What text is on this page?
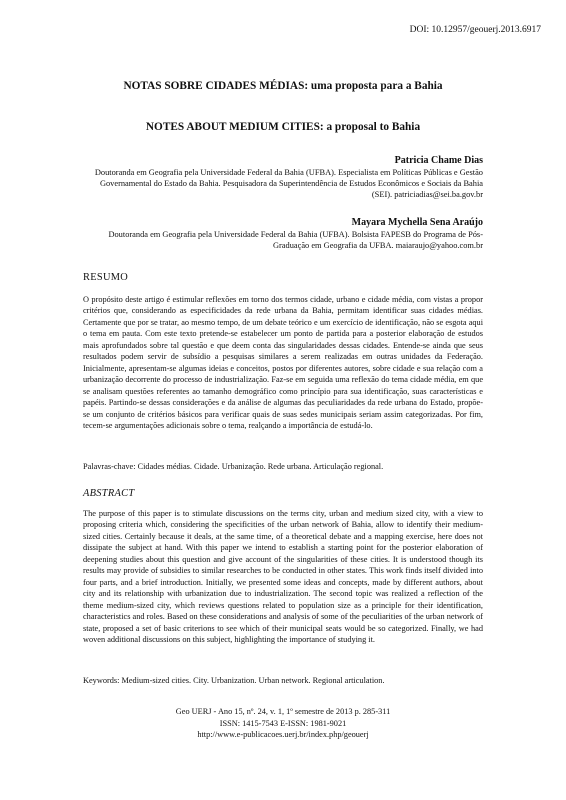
DOI: 10.12957/geouerj.2013.6917
NOTAS SOBRE CIDADES MÉDIAS: uma proposta para a Bahia
NOTES ABOUT MEDIUM CITIES: a proposal to Bahia
Patricia Chame Dias
Doutoranda em Geografia pela Universidade Federal da Bahia (UFBA). Especialista em Políticas Públicas e Gestão Governamental do Estado da Bahia. Pesquisadora da Superintendência de Estudos Econômicos e Sociais da Bahia (SEI). patriciadias@sei.ba.gov.br
Mayara Mychella Sena Araújo
Doutoranda em Geografia pela Universidade Federal da Bahia (UFBA). Bolsista FAPESB do Programa de Pós-Graduação em Geografia da UFBA. maiaraujo@yahoo.com.br
RESUMO

O propósito deste artigo é estimular reflexões em torno dos termos cidade, urbano e cidade média, com vistas a propor critérios que, considerando as especificidades da rede urbana da Bahia, permitam identificar suas cidades médias. Certamente que por se tratar, ao mesmo tempo, de um debate teórico e um exercício de identificação, não se esgota aqui o tema em pauta. Com este texto pretende-se estabelecer um ponto de partida para a posterior elaboração de estudos mais aprofundados sobre tal questão e que deem conta das singularidades dessas cidades. Entende-se ainda que seus resultados podem servir de subsídio a pesquisas similares a serem realizadas em outras unidades da Federação. Inicialmente, apresentam-se algumas ideias e conceitos, postos por diferentes autores, sobre cidade e sua relação com a urbanização decorrente do processo de industrialização. Faz-se em seguida uma reflexão do tema cidade média, em que se analisam questões referentes ao tamanho demográfico como princípio para sua identificação, suas características e papéis. Partindo-se dessas considerações e da análise de algumas das peculiaridades da rede urbana do Estado, propõe-se um conjunto de critérios básicos para verificar quais de suas sedes municipais seriam assim categorizadas. Por fim, tecem-se argumentações adicionais sobre o tema, realçando a importância de estudá-lo.

Palavras-chave: Cidades médias. Cidade. Urbanização. Rede urbana. Articulação regional.
ABSTRACT

The purpose of this paper is to stimulate discussions on the terms city, urban and medium sized city, with a view to proposing criteria which, considering the specificities of the urban network of Bahia, allow to identify their medium-sized cities. Certainly because it deals, at the same time, of a theoretical debate and a mapping exercise, here does not dissipate the subject at hand. With this paper we intend to establish a starting point for the posterior elaboration of deepening studies about this question and give account of the singularities of these cities. It is understood though its results may provide of subsidies to similar researches to be conducted in other states. This work finds itself divided into four parts, and a brief introduction. Initially, we presented some ideas and concepts, made by different authors, about city and its relationship with urbanization due to industrialization. The second topic was realized a reflection of the theme medium-sized city, which reviews questions related to population size as a principle for their identification, characteristics and roles. Based on these considerations and analysis of some of the peculiarities of the urban network of state, proposed a set of basic criterions to see which of their municipal seats would be so categorized. Finally, we had woven additional discussions on this subject, highlighting the importance of studying it.

Keywords: Medium-sized cities. City. Urbanization. Urban network. Regional articulation.
Geo UERJ - Ano 15, nº. 24, v. 1, 1º semestre de 2013 p. 285-311
ISSN: 1415-7543 E-ISSN: 1981-9021
http://www.e-publicacoes.uerj.br/index.php/geouerj
